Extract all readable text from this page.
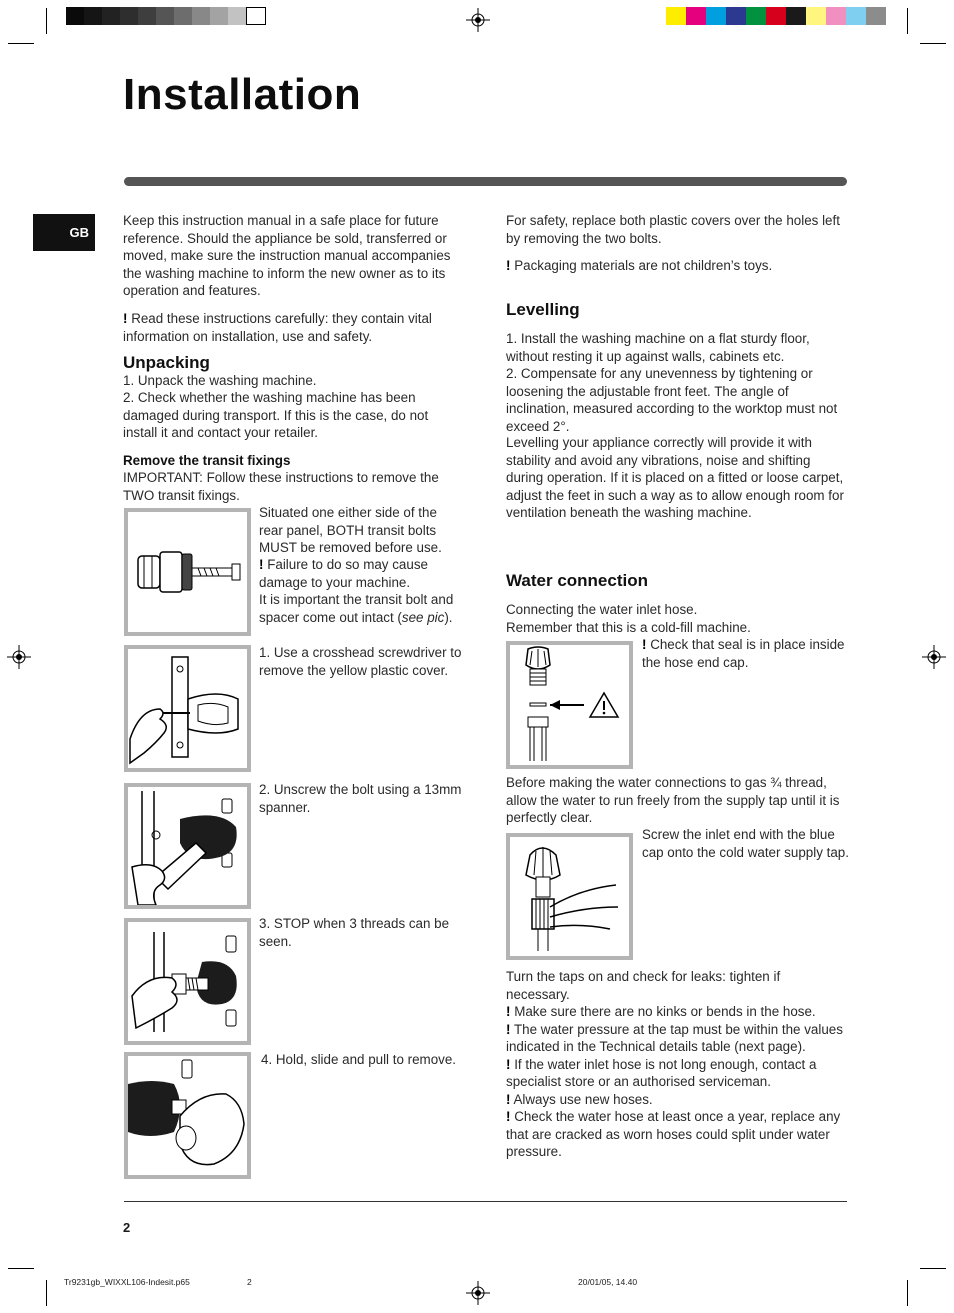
Installation
GB

Keep this instruction manual in a safe place for future reference. Should the appliance be sold, transferred or moved, make sure the instruction manual accompanies the washing machine to inform the new owner as to its operation and features.

! Read these instructions carefully: they contain vital information on installation, use and safety.

Unpacking

1. Unpack the washing machine.

2. Check whether the washing machine has been damaged during transport. If this is the case, do not install it and contact your retailer.

Remove the transit fixings

IMPORTANT: Follow these instructions to remove the TWO transit fixings.

Situated one either side of the rear panel, BOTH transit bolts MUST be removed before use.

! Failure to do so may cause damage to your machine.

It is important the transit bolt and spacer come out intact (see pic).

1. Use a crosshead screwdriver to remove the yellow plastic cover.

2. Unscrew the bolt using a 13mm spanner.

3. STOP when 3 threads can be seen.

4. Hold, slide and pull to remove.

For safety, replace both plastic covers over the holes left by removing the two bolts.

! Packaging materials are not children’s toys.

Levelling

1. Install the washing machine on a flat sturdy floor, without resting it up against walls, cabinets etc.

2. Compensate for any unevenness by tightening or loosening the adjustable front feet. The angle of inclination, measured according to the worktop must not exceed 2°.

Levelling your appliance correctly will provide it with stability and avoid any vibrations, noise and shifting during operation. If it is placed on a fitted or loose carpet, adjust the feet in such a way as to allow enough room for ventilation beneath the washing machine.

Water connection

Connecting the water inlet hose.
Remember that this is a cold-fill machine.

! Check that seal is in place inside the hose end cap.

Before making the water connections to gas ¾ thread, allow the water to run freely from the supply tap until it is perfectly clear.

Screw the inlet end with the blue cap onto the cold water supply tap.

Turn the taps on and check for leaks: tighten if necessary.

! Make sure there are no kinks or bends in the hose.

! The water pressure at the tap must be within the values indicated in the Technical details table (next page).

! If the water inlet hose is not long enough, contact a specialist store or an authorised serviceman.

! Always use new hoses.

! Check the water hose at least once a year, replace any that are cracked as worn hoses could split under water pressure.

2
Tr9231gb_WIXXL106-Indesit.p65	2	20/01/05, 14.40
